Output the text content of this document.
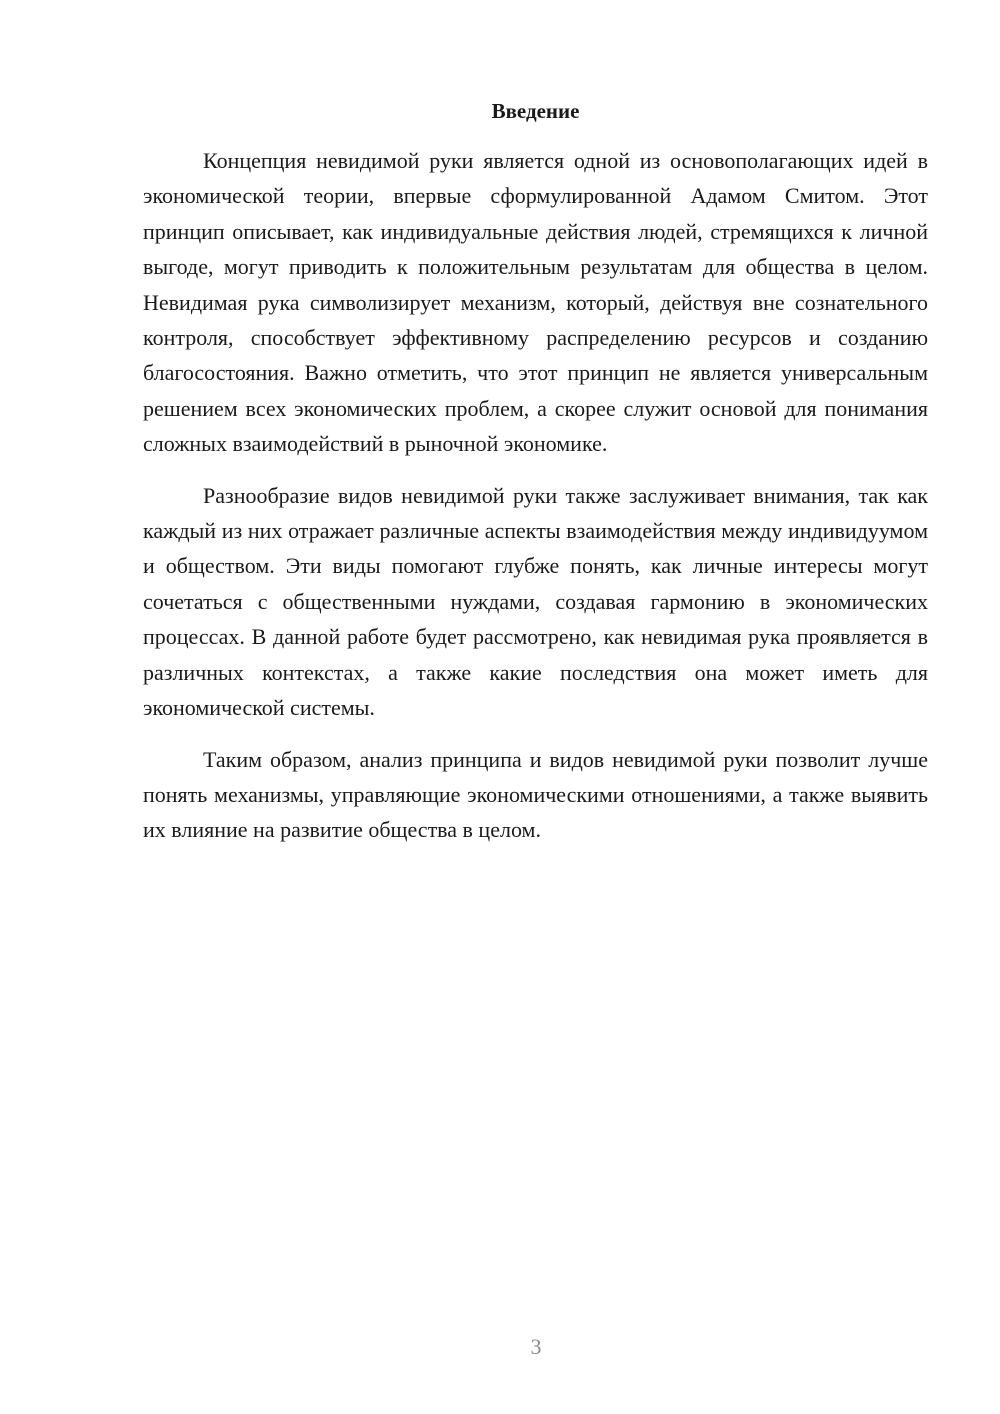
Введение

Концепция невидимой руки является одной из основополагающих идей в экономической теории, впервые сформулированной Адамом Смитом. Этот принцип описывает, как индивидуальные действия людей, стремящихся к личной выгоде, могут приводить к положительным результатам для общества в целом. Невидимая рука символизирует механизм, который, действуя вне сознательного контроля, способствует эффективному распределению ресурсов и созданию благосостояния. Важно отметить, что этот принцип не является универсальным решением всех экономических проблем, а скорее служит основой для понимания сложных взаимодействий в рыночной экономике.

Разнообразие видов невидимой руки также заслуживает внимания, так как каждый из них отражает различные аспекты взаимодействия между индивидуумом и обществом. Эти виды помогают глубже понять, как личные интересы могут сочетаться с общественными нуждами, создавая гармонию в экономических процессах. В данной работе будет рассмотрено, как невидимая рука проявляется в различных контекстах, а также какие последствия она может иметь для экономической системы.

Таким образом, анализ принципа и видов невидимой руки позволит лучше понять механизмы, управляющие экономическими отношениями, а также выявить их влияние на развитие общества в целом.

3
